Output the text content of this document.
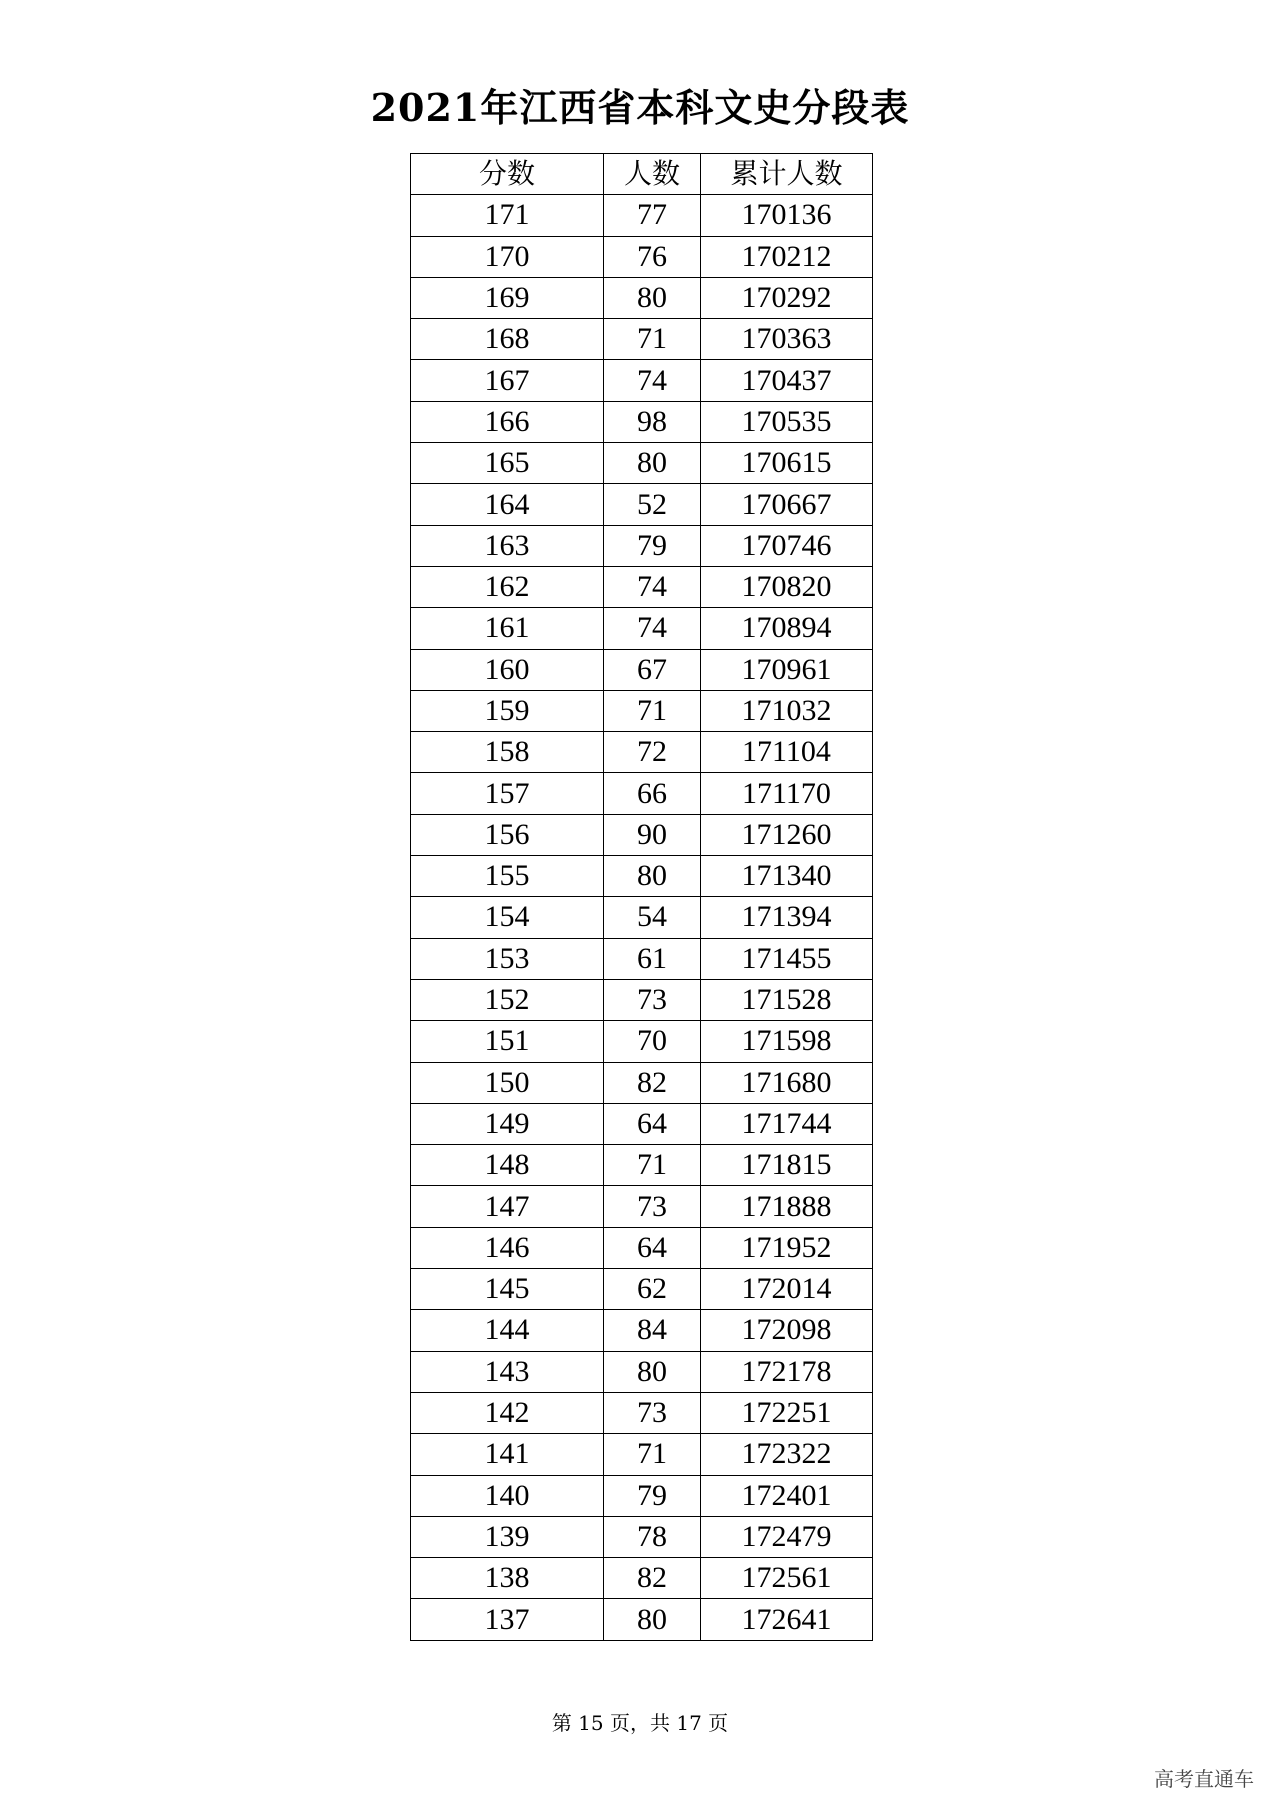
2021年江西省本科文史分段表
分数	人数	累计人数
171	77	170136
170	76	170212
169	80	170292
168	71	170363
167	74	170437
166	98	170535
165	80	170615
164	52	170667
163	79	170746
162	74	170820
161	74	170894
160	67	170961
159	71	171032
158	72	171104
157	66	171170
156	90	171260
155	80	171340
154	54	171394
153	61	171455
152	73	171528
151	70	171598
150	82	171680
149	64	171744
148	71	171815
147	73	171888
146	64	171952
145	62	172014
144	84	172098
143	80	172178
142	73	172251
141	71	172322
140	79	172401
139	78	172479
138	82	172561
137	80	172641
第 15 页，共 17 页
高考直通车
